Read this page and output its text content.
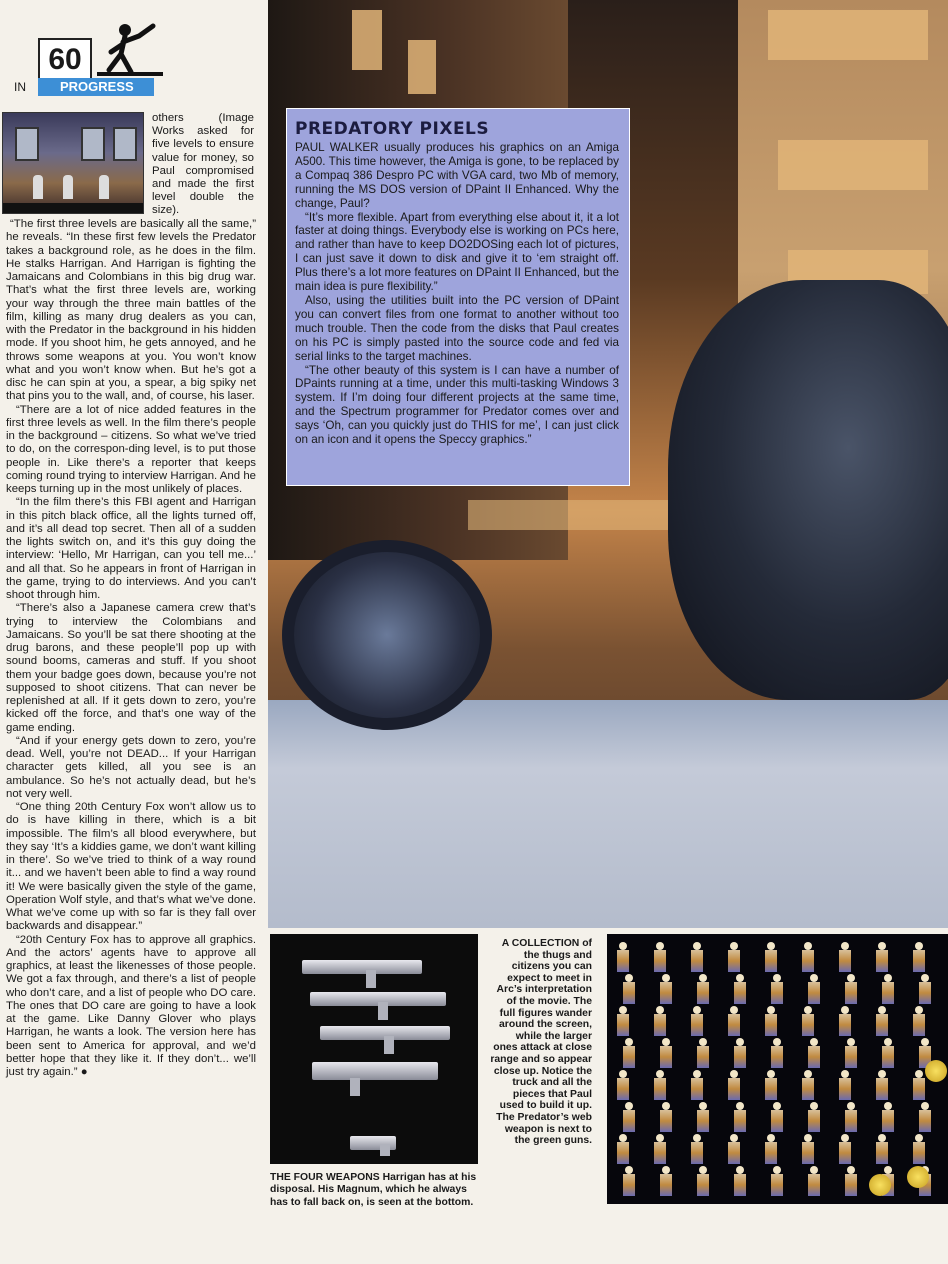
60
IN	PROGRESS

others (Image Works asked for five levels to ensure value for money, so Paul compromised and made the first level double the size).

“The first three levels are basically all the same,” he reveals. “In these first few levels the Predator takes a background role, as he does in the film. He stalks Harrigan. And Harrigan is fighting the Jamaicans and Colombians in this big drug war. That’s what the first three levels are, working your way through the three main battles of the film, killing as many drug dealers as you can, with the Predator in the background in his hidden mode. If you shoot him, he gets annoyed, and he throws some weapons at you. You won’t know what and you won’t know when. But he’s got a disc he can spin at you, a spear, a big spiky net that pins you to the wall, and, of course, his laser.

“There are a lot of nice added features in the first three levels as well. In the film there’s people in the background – citizens. So what we’ve tried to do, on the correspon-ding level, is to put those people in. Like there’s a reporter that keeps coming round trying to interview Harrigan. And he keeps turning up in the most unlikely of places.

“In the film there’s this FBI agent and Harrigan in this pitch black office, all the lights turned off, and it’s all dead top secret. Then all of a sudden the lights switch on, and it’s this guy doing the interview: ‘Hello, Mr Harrigan, can you tell me...’ and all that. So he appears in front of Harrigan in the game, trying to do interviews. And you can’t shoot through him.

“There’s also a Japanese camera crew that’s trying to interview the Colombians and Jamaicans. So you’ll be sat there shooting at the drug barons, and these people’ll pop up with sound booms, cameras and stuff. If you shoot them your badge goes down, because you’re not supposed to shoot citizens. That can never be replenished at all. If it gets down to zero, you’re kicked off the force, and that’s one way of the game ending.

“And if your energy gets down to zero, you’re dead. Well, you’re not DEAD... If your Harrigan character gets killed, all you see is an ambulance. So he’s not actually dead, but he’s not very well.

“One thing 20th Century Fox won’t allow us to do is have killing in there, which is a bit impossible. The film’s all blood everywhere, but they say ‘It’s a kiddies game, we don’t want killing in there’. So we’ve tried to think of a way round it... and we haven’t been able to find a way round it! We were basically given the style of the game, Operation Wolf style, and that’s what we’ve done. What we’ve come up with so far is they fall over backwards and disappear.”

“20th Century Fox has to approve all graphics. And the actors’ agents have to approve all graphics, at least the likenesses of those people. We got a fax through, and there’s a list of people who don’t care, and a list of people who DO care. The ones that DO care are going to have a look at the game. Like Danny Glover who plays Harrigan, he wants a look. The version here has been sent to America for approval, and we’d better hope that they like it. If they don’t... we’ll just try again.” ●

PREDATORY PIXELS

PAUL WALKER usually produces his graphics on an Amiga A500. This time however, the Amiga is gone, to be replaced by a Compaq 386 Despro PC with VGA card, two Mb of memory, running the MS DOS version of DPaint II Enhanced. Why the change, Paul?

“It’s more flexible. Apart from everything else about it, it a lot faster at doing things. Everybody else is working on PCs here, and rather than have to keep DO2DOSing each lot of pictures, I can just save it down to disk and give it to ‘em straight off. Plus there’s a lot more features on DPaint II Enhanced, but the main idea is pure flexibility.”

Also, using the utilities built into the PC version of DPaint you can convert files from one format to another without too much trouble. Then the code from the disks that Paul creates on his PC is simply pasted into the source code and fed via serial links to the target machines.

“The other beauty of this system is I can have a number of DPaints running at a time, under this multi-tasking Windows 3 system. If I’m doing four different projects at the same time, and the Spectrum programmer for Predator comes over and says ‘Oh, can you quickly just do THIS for me’, I can just click on an icon and it opens the Speccy graphics.”

THE FOUR WEAPONS Harrigan has at his disposal. His Magnum, which he always has to fall back on, is seen at the bottom.

A COLLECTION of the thugs and citizens you can expect to meet in Arc’s interpretation of the movie. The full figures wander around the screen, while the larger ones attack at close range and so appear close up. Notice the truck and all the pieces that Paul used to build it up. The Predator’s web weapon is next to the green guns.
